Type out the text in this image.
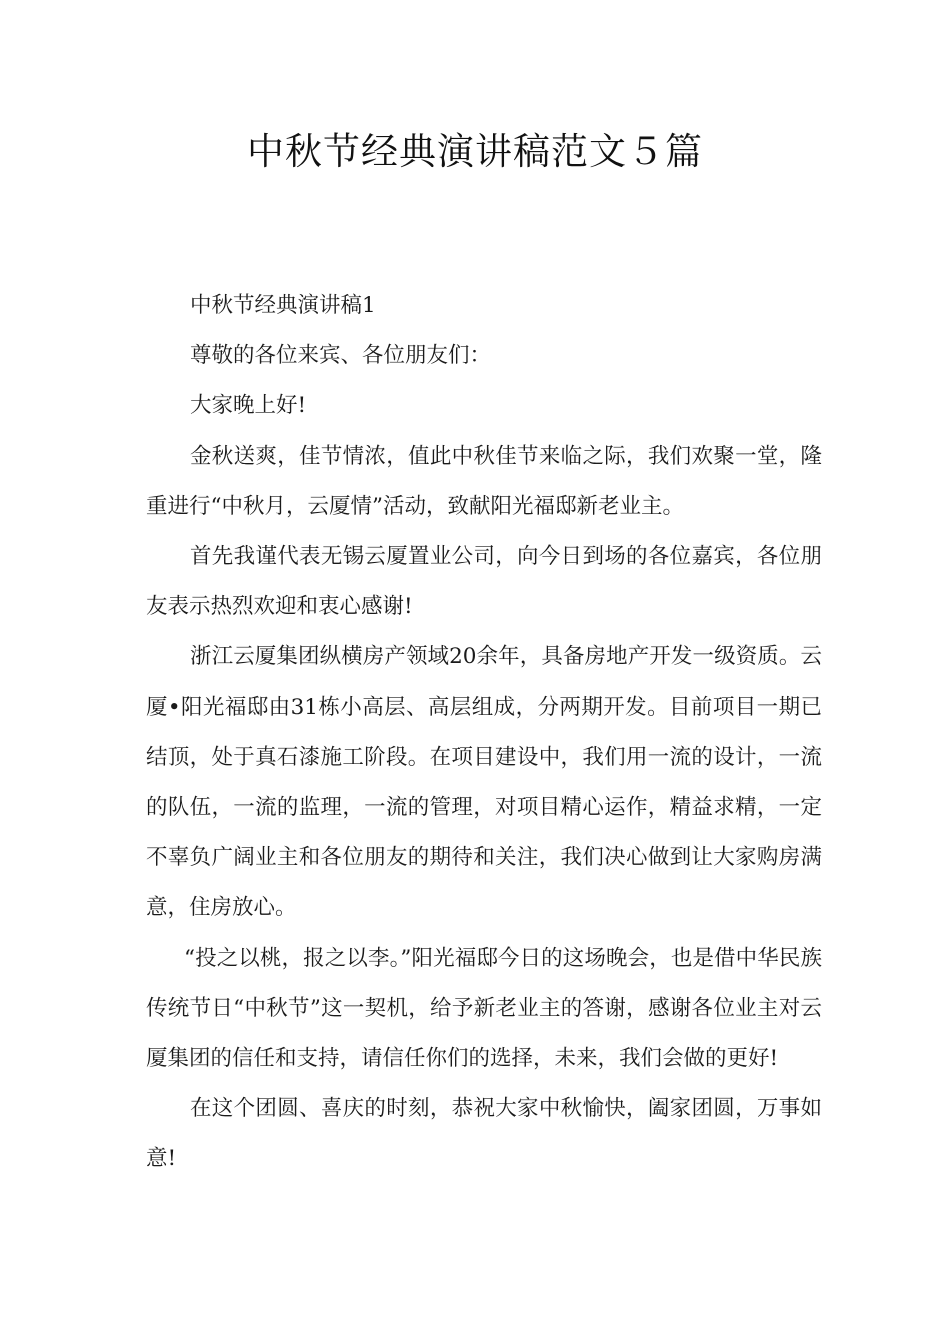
中秋节经典演讲稿范文５篇

中秋节经典演讲稿1

尊敬的各位来宾、各位朋友们：

大家晚上好!

金秋送爽，佳节情浓，值此中秋佳节来临之际，我们欢聚一堂，隆重进行“中秋月，云厦情”活动，致献阳光福邸新老业主。

首先我谨代表无锡云厦置业公司，向今日到场的各位嘉宾，各位朋友表示热烈欢迎和衷心感谢!

浙江云厦集团纵横房产领域20余年，具备房地产开发一级资质。云厦•阳光福邸由31栋小高层、高层组成，分两期开发。目前项目一期已结顶，处于真石漆施工阶段。在项目建设中，我们用一流的设计，一流的队伍，一流的监理，一流的管理，对项目精心运作，精益求精，一定不辜负广阔业主和各位朋友的期待和关注，我们决心做到让大家购房满意，住房放心。

“投之以桃，报之以李。”阳光福邸今日的这场晚会，也是借中华民族传统节日“中秋节”这一契机，给予新老业主的答谢，感谢各位业主对云厦集团的信任和支持，请信任你们的选择，未来，我们会做的更好!

在这个团圆、喜庆的时刻，恭祝大家中秋愉快，阖家团圆，万事如意!
